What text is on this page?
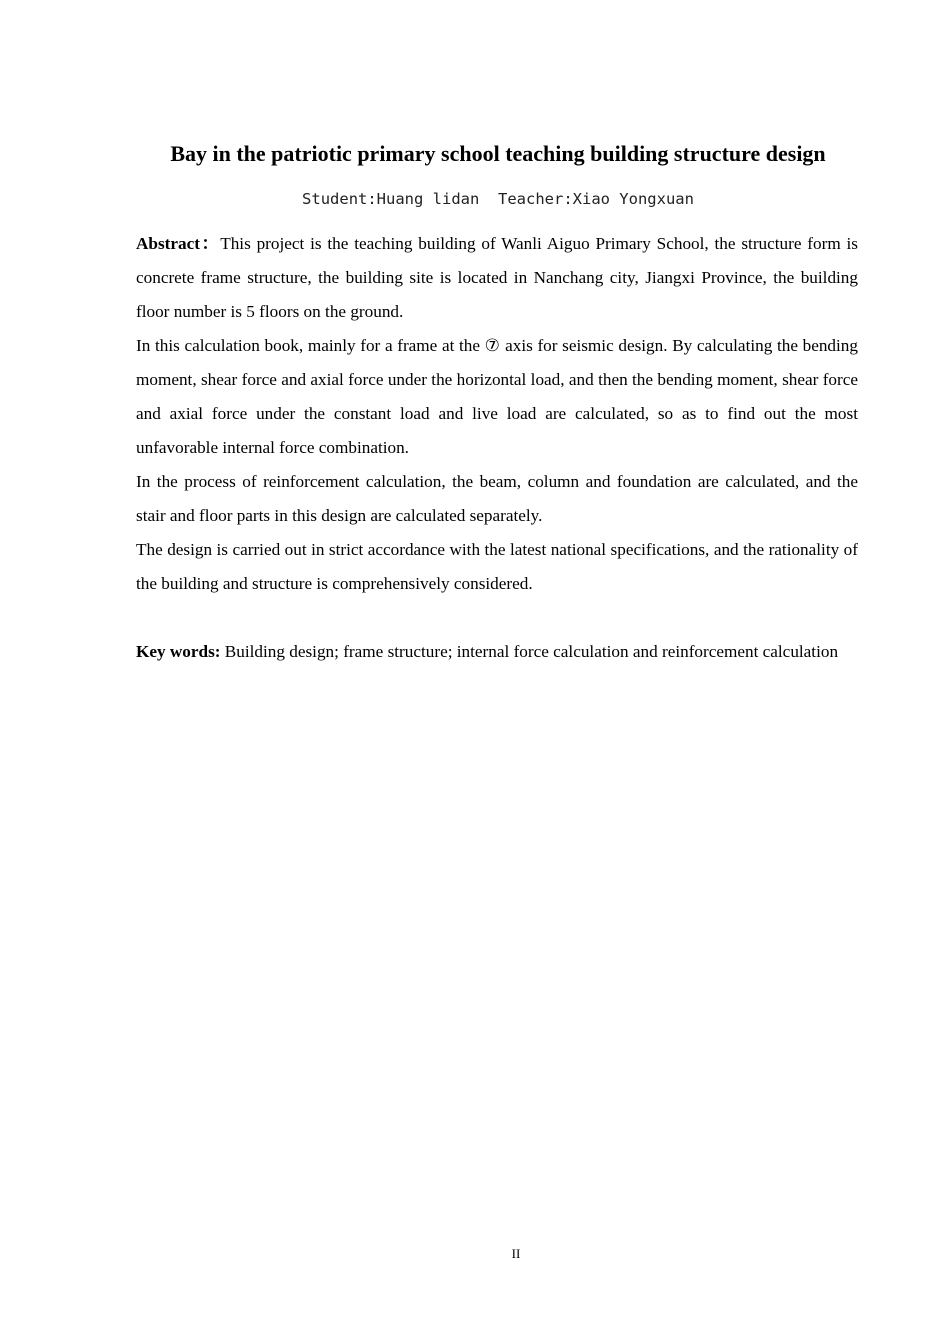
Bay in the patriotic primary school teaching building structure design
Student:Huang lidan  Teacher:Xiao Yongxuan

Abstract：This project is the teaching building of Wanli Aiguo Primary School, the structure form is concrete frame structure, the building site is located in Nanchang city, Jiangxi Province, the building floor number is 5 floors on the ground.

In this calculation book, mainly for a frame at the ⑦ axis for seismic design. By calculating the bending moment, shear force and axial force under the horizontal load, and then the bending moment, shear force and axial force under the constant load and live load are calculated, so as to find out the most unfavorable internal force combination.

In the process of reinforcement calculation, the beam, column and foundation are calculated, and the stair and floor parts in this design are calculated separately.

The design is carried out in strict accordance with the latest national specifications, and the rationality of the building and structure is comprehensively considered.

Key words: Building design; frame structure; internal force calculation and reinforcement calculation

II
